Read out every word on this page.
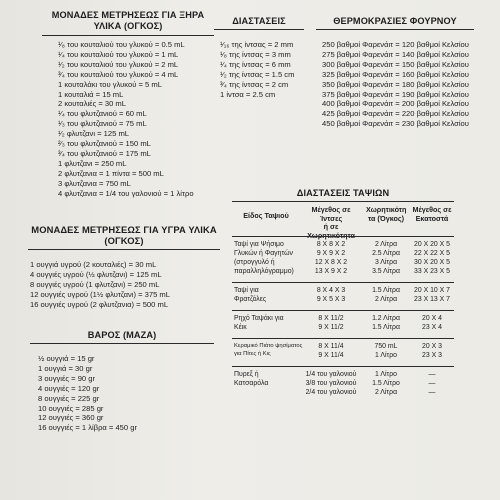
ΜΟΝΑΔΕΣ ΜΕΤΡΗΣΕΩΣ ΓΙΑ ΞΗΡΑ
ΥΛΙΚΑ (ΟΓΚΟΣ)
¹⁄₈ του κουταλιού του γλυκού = 0.5 mL
¹⁄₄ του κουταλιού του γλυκού = 1 mL
¹⁄₂ του κουταλιού του γλυκού = 2 mL
³⁄₄ του κουταλιού του γλυκού = 4 mL
1 κουταλάκι του γλυκού = 5 mL
1 κουταλιά = 15 mL
2 κουταλιές = 30 mL
¹⁄₄ του φλυτζανιού = 60 mL
¹⁄₃ του φλυτζανιού = 75 mL
¹⁄₂ φλυτζανι = 125 mL
²⁄₃ του φλυτζανιού = 150 mL
³⁄₄ του φλυτζανιού = 175 mL
1 φλυτζανι = 250 mL
2 φλυτζανια = 1 πίντα = 500 mL
3 φλυτζανια = 750 mL
4 φλυτζανια = 1/4 του γαλονιού = 1 λίτρο
ΜΟΝΑΔΕΣ ΜΕΤΡΗΣΕΩΣ ΓΙΑ ΥΓΡΑ ΥΛΙΚΑ
(ΟΓΚΟΣ)
1 ουγγιά υγρού (2 κουταλιές) = 30 mL
4 ουγγιές υγρού (½ φλυτζανι) = 125 mL
8 ουγγιές υγρού (1 φλυτζανι) = 250 mL
12 ουγγιές υγρού (1½ φλυτζανι) = 375 mL
16 ουγγιές υγρού (2 φλυτζανια) = 500 mL
ΒΑΡΟΣ (ΜΑΖΑ)
½ ουγγιά = 15 gr
1 ουγγιά = 30 gr
3 ουγγιές = 90 gr
4 ουγγιές = 120 gr
8 ουγγιές = 225 gr
10 ουγγιές = 285 gr
12 ουγγιές = 360 gr
16 ουγγιές = 1 λίβρα = 450 gr
ΔΙΑΣΤΑΣΕΙΣ
¹⁄₁₆ της ίντσας = 2 mm
¹⁄₈ της ίντσας = 3 mm
¹⁄₄ της ίντσας = 6 mm
¹⁄₂ της ίντσας = 1.5 cm
³⁄₄ της ίντσας = 2 cm
1 ίντσα = 2.5 cm
ΘΕΡΜΟΚΡΑΣΙΕΣ ΦΟΥΡΝΟΥ
250 βαθμοί Φαρενάιτ = 120 βαθμοί Κελσίου
275 βαθμοί Φαρενάιτ = 140 βαθμοί Κελσίου
300 βαθμοί Φαρενάιτ = 150 βαθμοί Κελσίου
325 βαθμοί Φαρενάιτ = 160 βαθμοί Κελσίου
350 βαθμοί Φαρενάιτ = 180 βαθμοί Κελσίου
375 βαθμοί Φαρενάιτ = 190 βαθμοί Κελσίου
400 βαθμοί Φαρενάιτ = 200 βαθμοί Κελσίου
425 βαθμοί Φαρενάιτ = 220 βαθμοί Κελσίου
450 βαθμοί Φαρενάιτ = 230 βαθμοί Κελσίου
ΔΙΑΣΤΑΣΕΙΣ ΤΑΨΙΩΝ
Είδος Ταψιού
Μέγεθος σε Ίντσες
ή σε Χωρητικότητα
Χωρητικότη
τα (Όγκος)
Μέγεθος σε
Εκατοστά
Ταψί για Ψήσιμο
Γλυκών ή Φαγητών
(στρογγυλό ή
παραλληλόγραμμο)
8 X 8 X 2
9 X 9 X 2
12 X 8 X 2
13 X 9 X 2
2 Λίτρα
2.5 Λίτρα
3 Λίτρα
3.5 Λίτρα
20 X 20 X 5
22 X 22 X 5
30 X 20 X 5
33 X 23 X 5
Ταψί για
Φρατζόλες
8 X 4 X 3
9 X 5 X 3
1.5 Λίτρα
2 Λίτρα
20 X 10 X 7
23 X 13 X 7
Ρηχό Ταψάκι για
Κέικ
8 X 11/2
9 X 11/2
1.2 Λίτρα
1.5 Λίτρα
20 X 4
23 X 4
Κεραμικό Πιάτο ψησίματος
για Πίτες ή Κις
8 X 11/4
9 X 11/4
750 mL
1 Λίτρο
20 X 3
23 X 3
Πυρεξ ή
Κατσαρόλα
1/4 του γαλονιού
3/8 του γαλονιού
2/4 του γαλονιού
1 Λίτρο
1.5 Λίτρο
2 Λίτρα
—
—
—
